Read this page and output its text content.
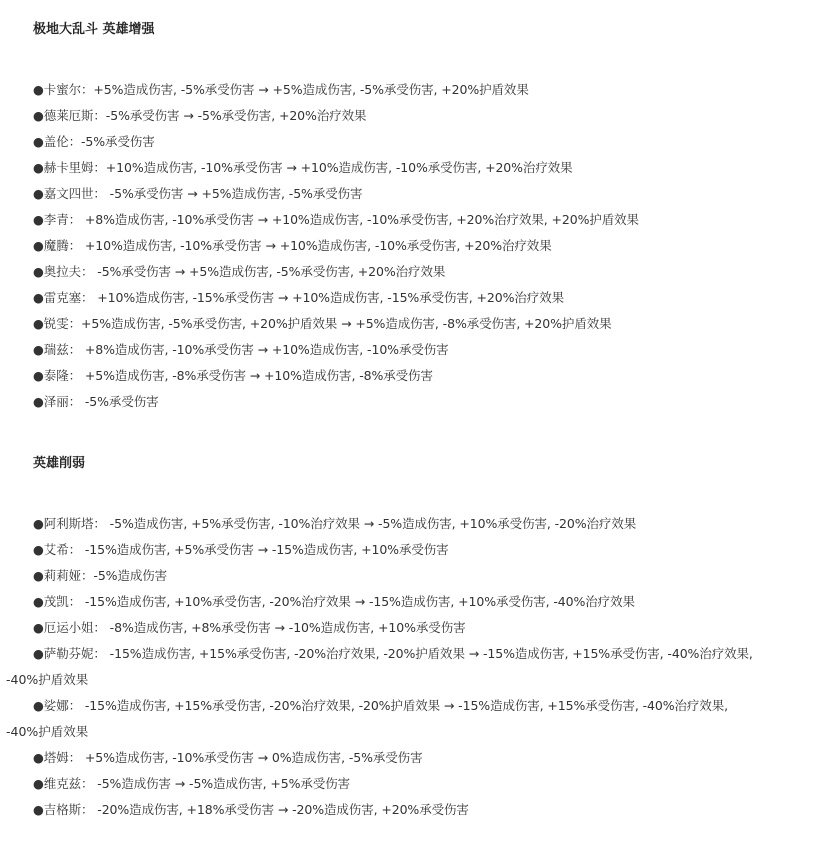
极地大乱斗 英雄增强
●卡蜜尔：+5%造成伤害, -5%承受伤害 → +5%造成伤害, -5%承受伤害, +20%护盾效果
●德莱厄斯：-5%承受伤害 → -5%承受伤害, +20%治疗效果
●盖伦：-5%承受伤害
●赫卡里姆：+10%造成伤害, -10%承受伤害 → +10%造成伤害, -10%承受伤害, +20%治疗效果
●嘉文四世： -5%承受伤害 → +5%造成伤害, -5%承受伤害
●李青： +8%造成伤害, -10%承受伤害 → +10%造成伤害, -10%承受伤害, +20%治疗效果, +20%护盾效果
●魔腾： +10%造成伤害, -10%承受伤害 → +10%造成伤害, -10%承受伤害, +20%治疗效果
●奥拉夫： -5%承受伤害 → +5%造成伤害, -5%承受伤害, +20%治疗效果
●雷克塞： +10%造成伤害, -15%承受伤害 → +10%造成伤害, -15%承受伤害, +20%治疗效果
●锐雯：+5%造成伤害, -5%承受伤害, +20%护盾效果 → +5%造成伤害, -8%承受伤害, +20%护盾效果
●瑞兹： +8%造成伤害, -10%承受伤害 → +10%造成伤害, -10%承受伤害
●泰隆： +5%造成伤害, -8%承受伤害 → +10%造成伤害, -8%承受伤害
●泽丽： -5%承受伤害
英雄削弱
●阿利斯塔： -5%造成伤害, +5%承受伤害, -10%治疗效果 → -5%造成伤害, +10%承受伤害, -20%治疗效果
●艾希： -15%造成伤害, +5%承受伤害 → -15%造成伤害, +10%承受伤害
●莉莉娅：-5%造成伤害
●茂凯： -15%造成伤害, +10%承受伤害, -20%治疗效果 → -15%造成伤害, +10%承受伤害, -40%治疗效果
●厄运小姐： -8%造成伤害, +8%承受伤害 → -10%造成伤害, +10%承受伤害
●萨勒芬妮： -15%造成伤害, +15%承受伤害, -20%治疗效果, -20%护盾效果 → -15%造成伤害, +15%承受伤害, -40%治疗效果,
-40%护盾效果
●娑娜： -15%造成伤害, +15%承受伤害, -20%治疗效果, -20%护盾效果 → -15%造成伤害, +15%承受伤害, -40%治疗效果,
-40%护盾效果
●塔姆： +5%造成伤害, -10%承受伤害 → 0%造成伤害, -5%承受伤害
●维克兹： -5%造成伤害 → -5%造成伤害, +5%承受伤害
●吉格斯： -20%造成伤害, +18%承受伤害 → -20%造成伤害, +20%承受伤害
